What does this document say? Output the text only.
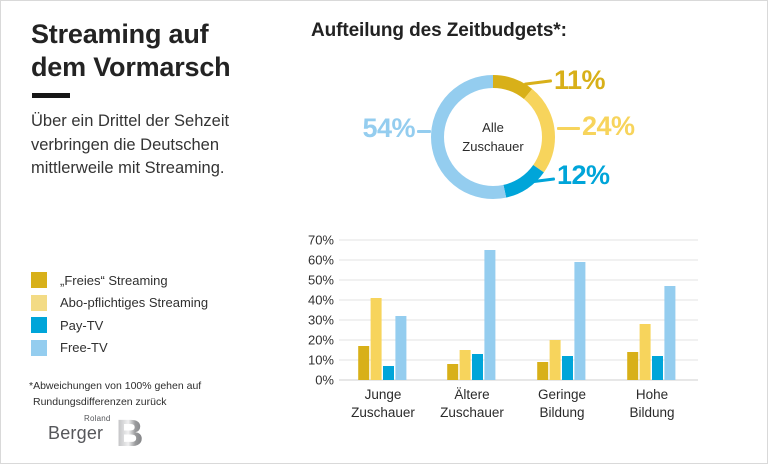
Streaming auf dem Vormarsch
Über ein Drittel der Sehzeit verbringen die Deutschen mittlerweile mit Streaming.
„Freies“ Streaming
Abo-pflichtiges Streaming
Pay-TV
Free-TV
*Abweichungen von 100% gehen auf
Rundungsdifferenzen zurück
Roland
Berger B
Aufteilung des Zeitbudgets*:
Alle
Zuschauer
11%
24%
12%
54%
0%
10%
20%
30%
40%
50%
60%
70%
Junge
Zuschauer
Ältere
Zuschauer
Geringe
Bildung
Hohe
Bildung
